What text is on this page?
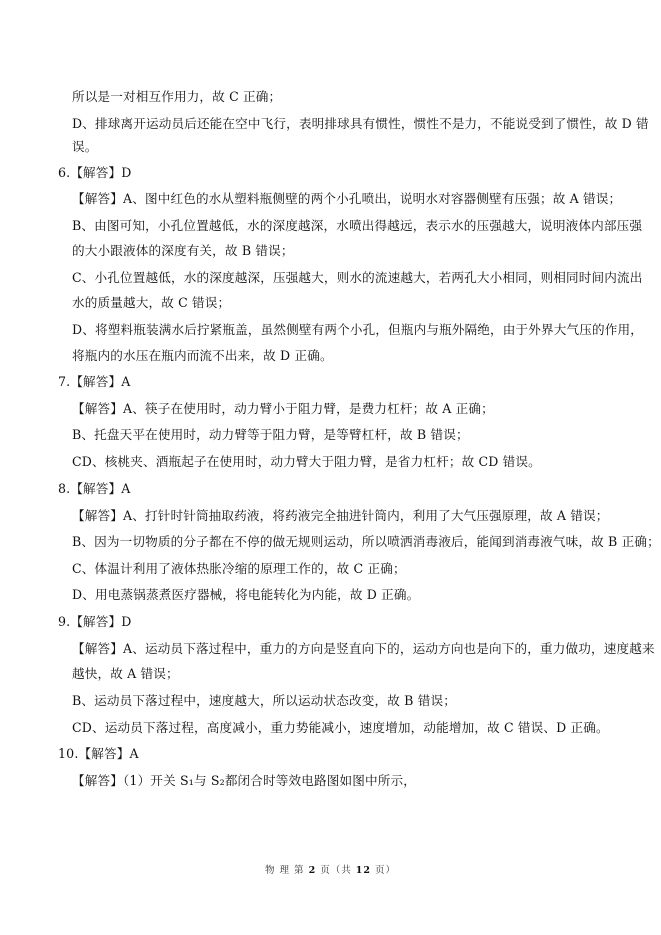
所以是一对相互作用力，故 C 正确；
D、排球离开运动员后还能在空中飞行，表明排球具有惯性，惯性不是力，不能说受到了惯性，故 D 错
误。
6.【解答】D
【解答】A、图中红色的水从塑料瓶侧壁的两个小孔喷出，说明水对容器侧壁有压强；故 A 错误；
B、由图可知，小孔位置越低，水的深度越深，水喷出得越远，表示水的压强越大，说明液体内部压强
的大小跟液体的深度有关，故 B 错误；
C、小孔位置越低，水的深度越深，压强越大，则水的流速越大，若两孔大小相同，则相同时间内流出
水的质量越大，故 C 错误；
D、将塑料瓶装满水后拧紧瓶盖，虽然侧壁有两个小孔，但瓶内与瓶外隔绝，由于外界大气压的作用，
将瓶内的水压在瓶内而流不出来，故 D 正确。
7.【解答】A
【解答】A、筷子在使用时，动力臂小于阻力臂，是费力杠杆；故 A 正确；
B、托盘天平在使用时，动力臂等于阻力臂，是等臂杠杆，故 B 错误；
CD、核桃夹、酒瓶起子在使用时，动力臂大于阻力臂，是省力杠杆；故 CD 错误。
8.【解答】A
【解答】A、打针时针筒抽取药液，将药液完全抽进针筒内，利用了大气压强原理，故 A 错误；
B、因为一切物质的分子都在不停的做无规则运动，所以喷洒消毒液后，能闻到消毒液气味，故 B 正确；
C、体温计利用了液体热胀冷缩的原理工作的，故 C 正确；
D、用电蒸锅蒸煮医疗器械，将电能转化为内能，故 D 正确。
9.【解答】D
【解答】A、运动员下落过程中，重力的方向是竖直向下的，运动方向也是向下的，重力做功，速度越来
越快，故 A 错误；
B、运动员下落过程中，速度越大，所以运动状态改变，故 B 错误；
CD、运动员下落过程，高度减小，重力势能减小，速度增加，动能增加，故 C 错误、D 正确。
10.【解答】A
【解答】（1）开关 S₁与 S₂都闭合时等效电路图如图中所示，
物 理 第 2 页（共 12 页）
